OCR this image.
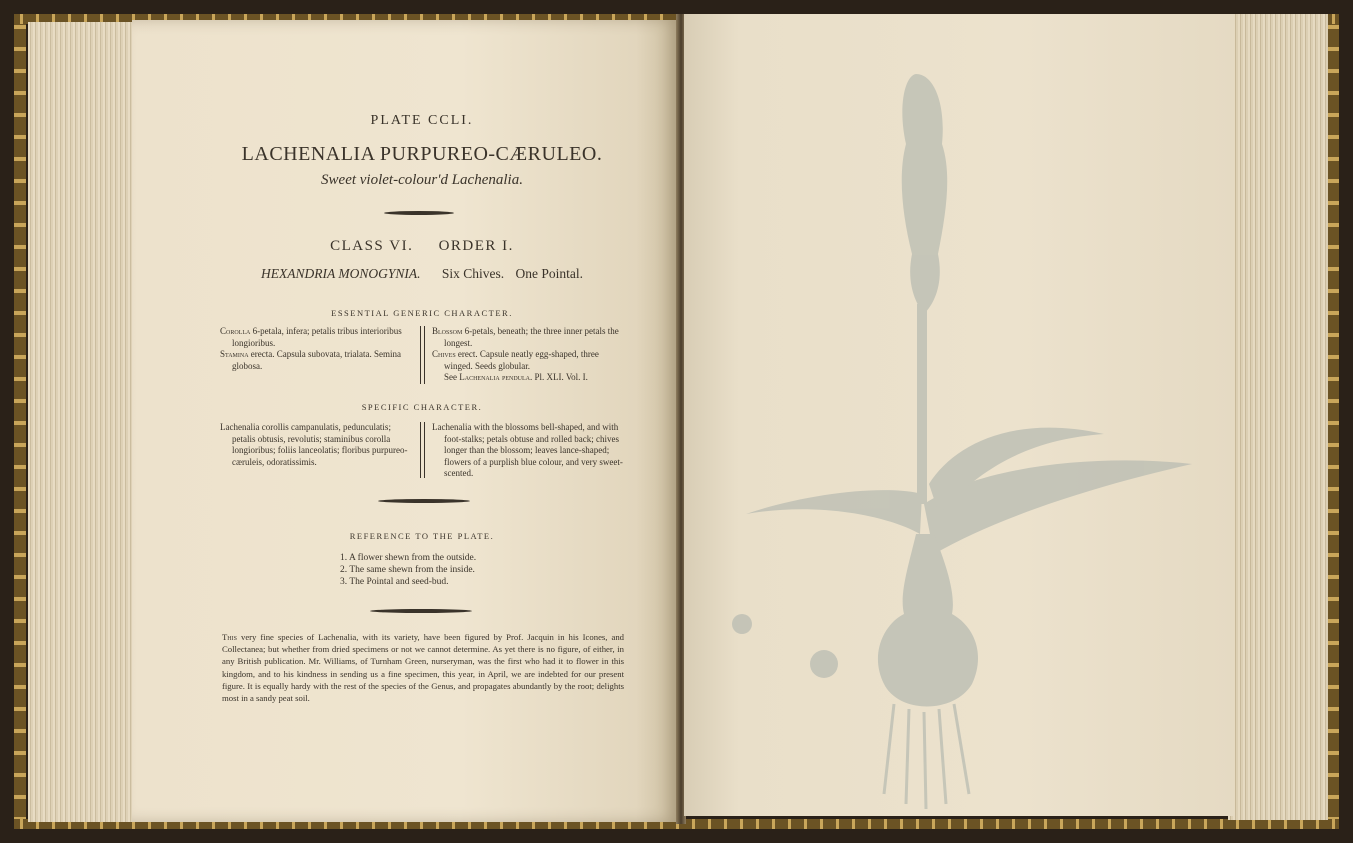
PLATE CCLI.
LACHENALIA PURPUREO-CÆRULEO.
Sweet violet-colour'd Lachenalia.
CLASS VI. ORDER I.
HEXANDRIA MONOGYNIA. Six Chives. One Pointal.
ESSENTIAL GENERIC CHARACTER.

Corolla 6-petala, infera; petalis tribus interioribus longioribus.

Stamina erecta. Capsula subovata, trialata. Semina globosa.

Blossom 6-petals, beneath; the three inner petals the longest.

Chives erect. Capsule neatly egg-shaped, three winged. Seeds globular.

See Lachenalia pendula. Pl. XLI. Vol. I.

SPECIFIC CHARACTER.

Lachenalia corollis campanulatis, pedunculatis; petalis obtusis, revolutis; staminibus corolla longioribus; foliis lanceolatis; floribus purpureo-cæruleis, odoratissimis.

Lachenalia with the blossoms bell-shaped, and with foot-stalks; petals obtuse and rolled back; chives longer than the blossom; leaves lance-shaped; flowers of a purplish blue colour, and very sweet-scented.

REFERENCE TO THE PLATE.
1. A flower shewn from the outside.
2. The same shewn from the inside.
3. The Pointal and seed-bud.
This very fine species of Lachenalia, with its variety, have been figured by Prof. Jacquin in his Icones, and Collectanea; but whether from dried specimens or not we cannot determine. As yet there is no figure, of either, in any British publication. Mr. Williams, of Turnham Green, nurseryman, was the first who had it to flower in this kingdom, and to his kindness in sending us a fine specimen, this year, in April, we are indebted for our present figure. It is equally hardy with the rest of the species of the Genus, and propagates abundantly by the root; delights most in a sandy peat soil.
